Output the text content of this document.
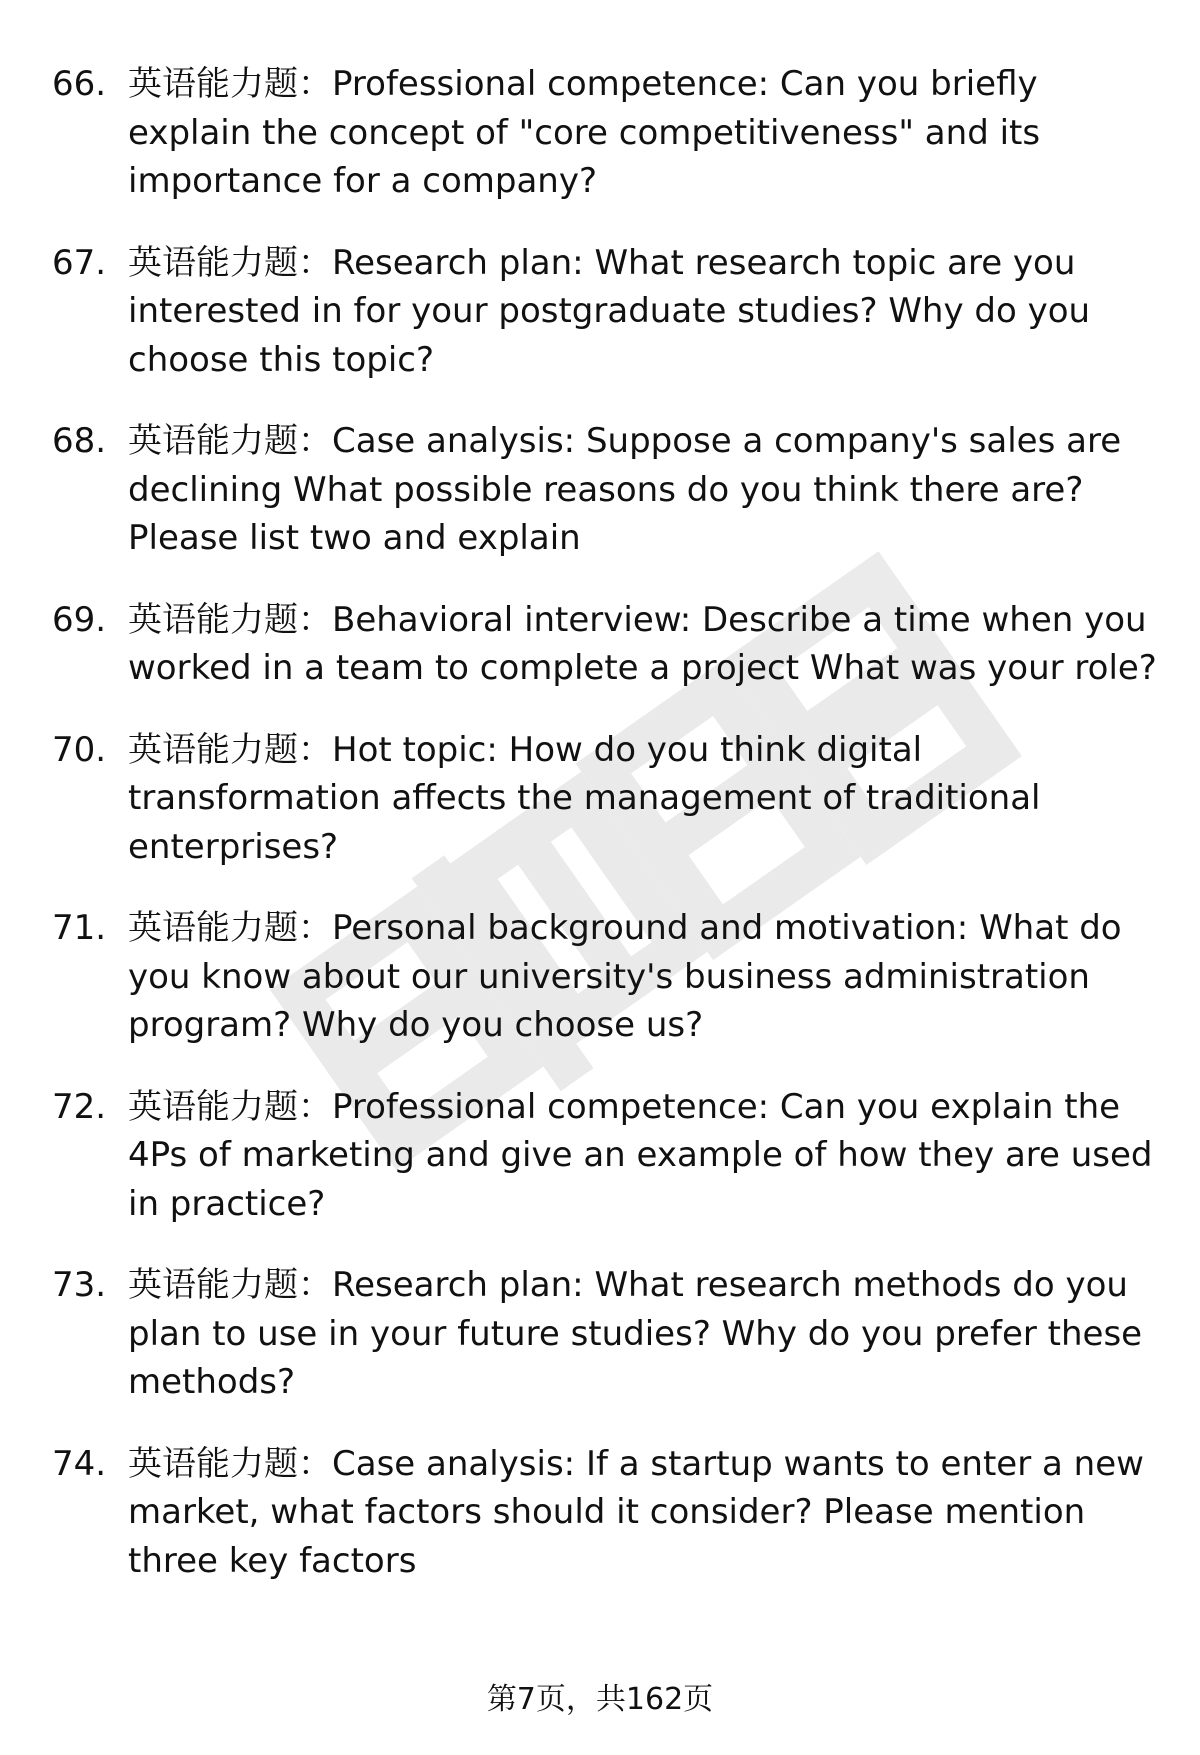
66. 英语能力题：Professional competence: Can you briefly explain the concept of "core competitiveness" and its importance for a company?
67. 英语能力题：Research plan: What research topic are you interested in for your postgraduate studies? Why do you choose this topic?
68. 英语能力题：Case analysis: Suppose a company's sales are declining What possible reasons do you think there are? Please list two and explain
69. 英语能力题：Behavioral interview: Describe a time when you worked in a team to complete a project What was your role?
70. 英语能力题：Hot topic: How do you think digital transformation affects the management of traditional enterprises?
71. 英语能力题：Personal background and motivation: What do you know about our university's business administration program? Why do you choose us?
72. 英语能力题：Professional competence: Can you explain the 4Ps of marketing and give an example of how they are used in practice?
73. 英语能力题：Research plan: What research methods do you plan to use in your future studies? Why do you prefer these methods?
74. 英语能力题：Case analysis: If a startup wants to enter a new market, what factors should it consider? Please mention three key factors
第7页，共162页
